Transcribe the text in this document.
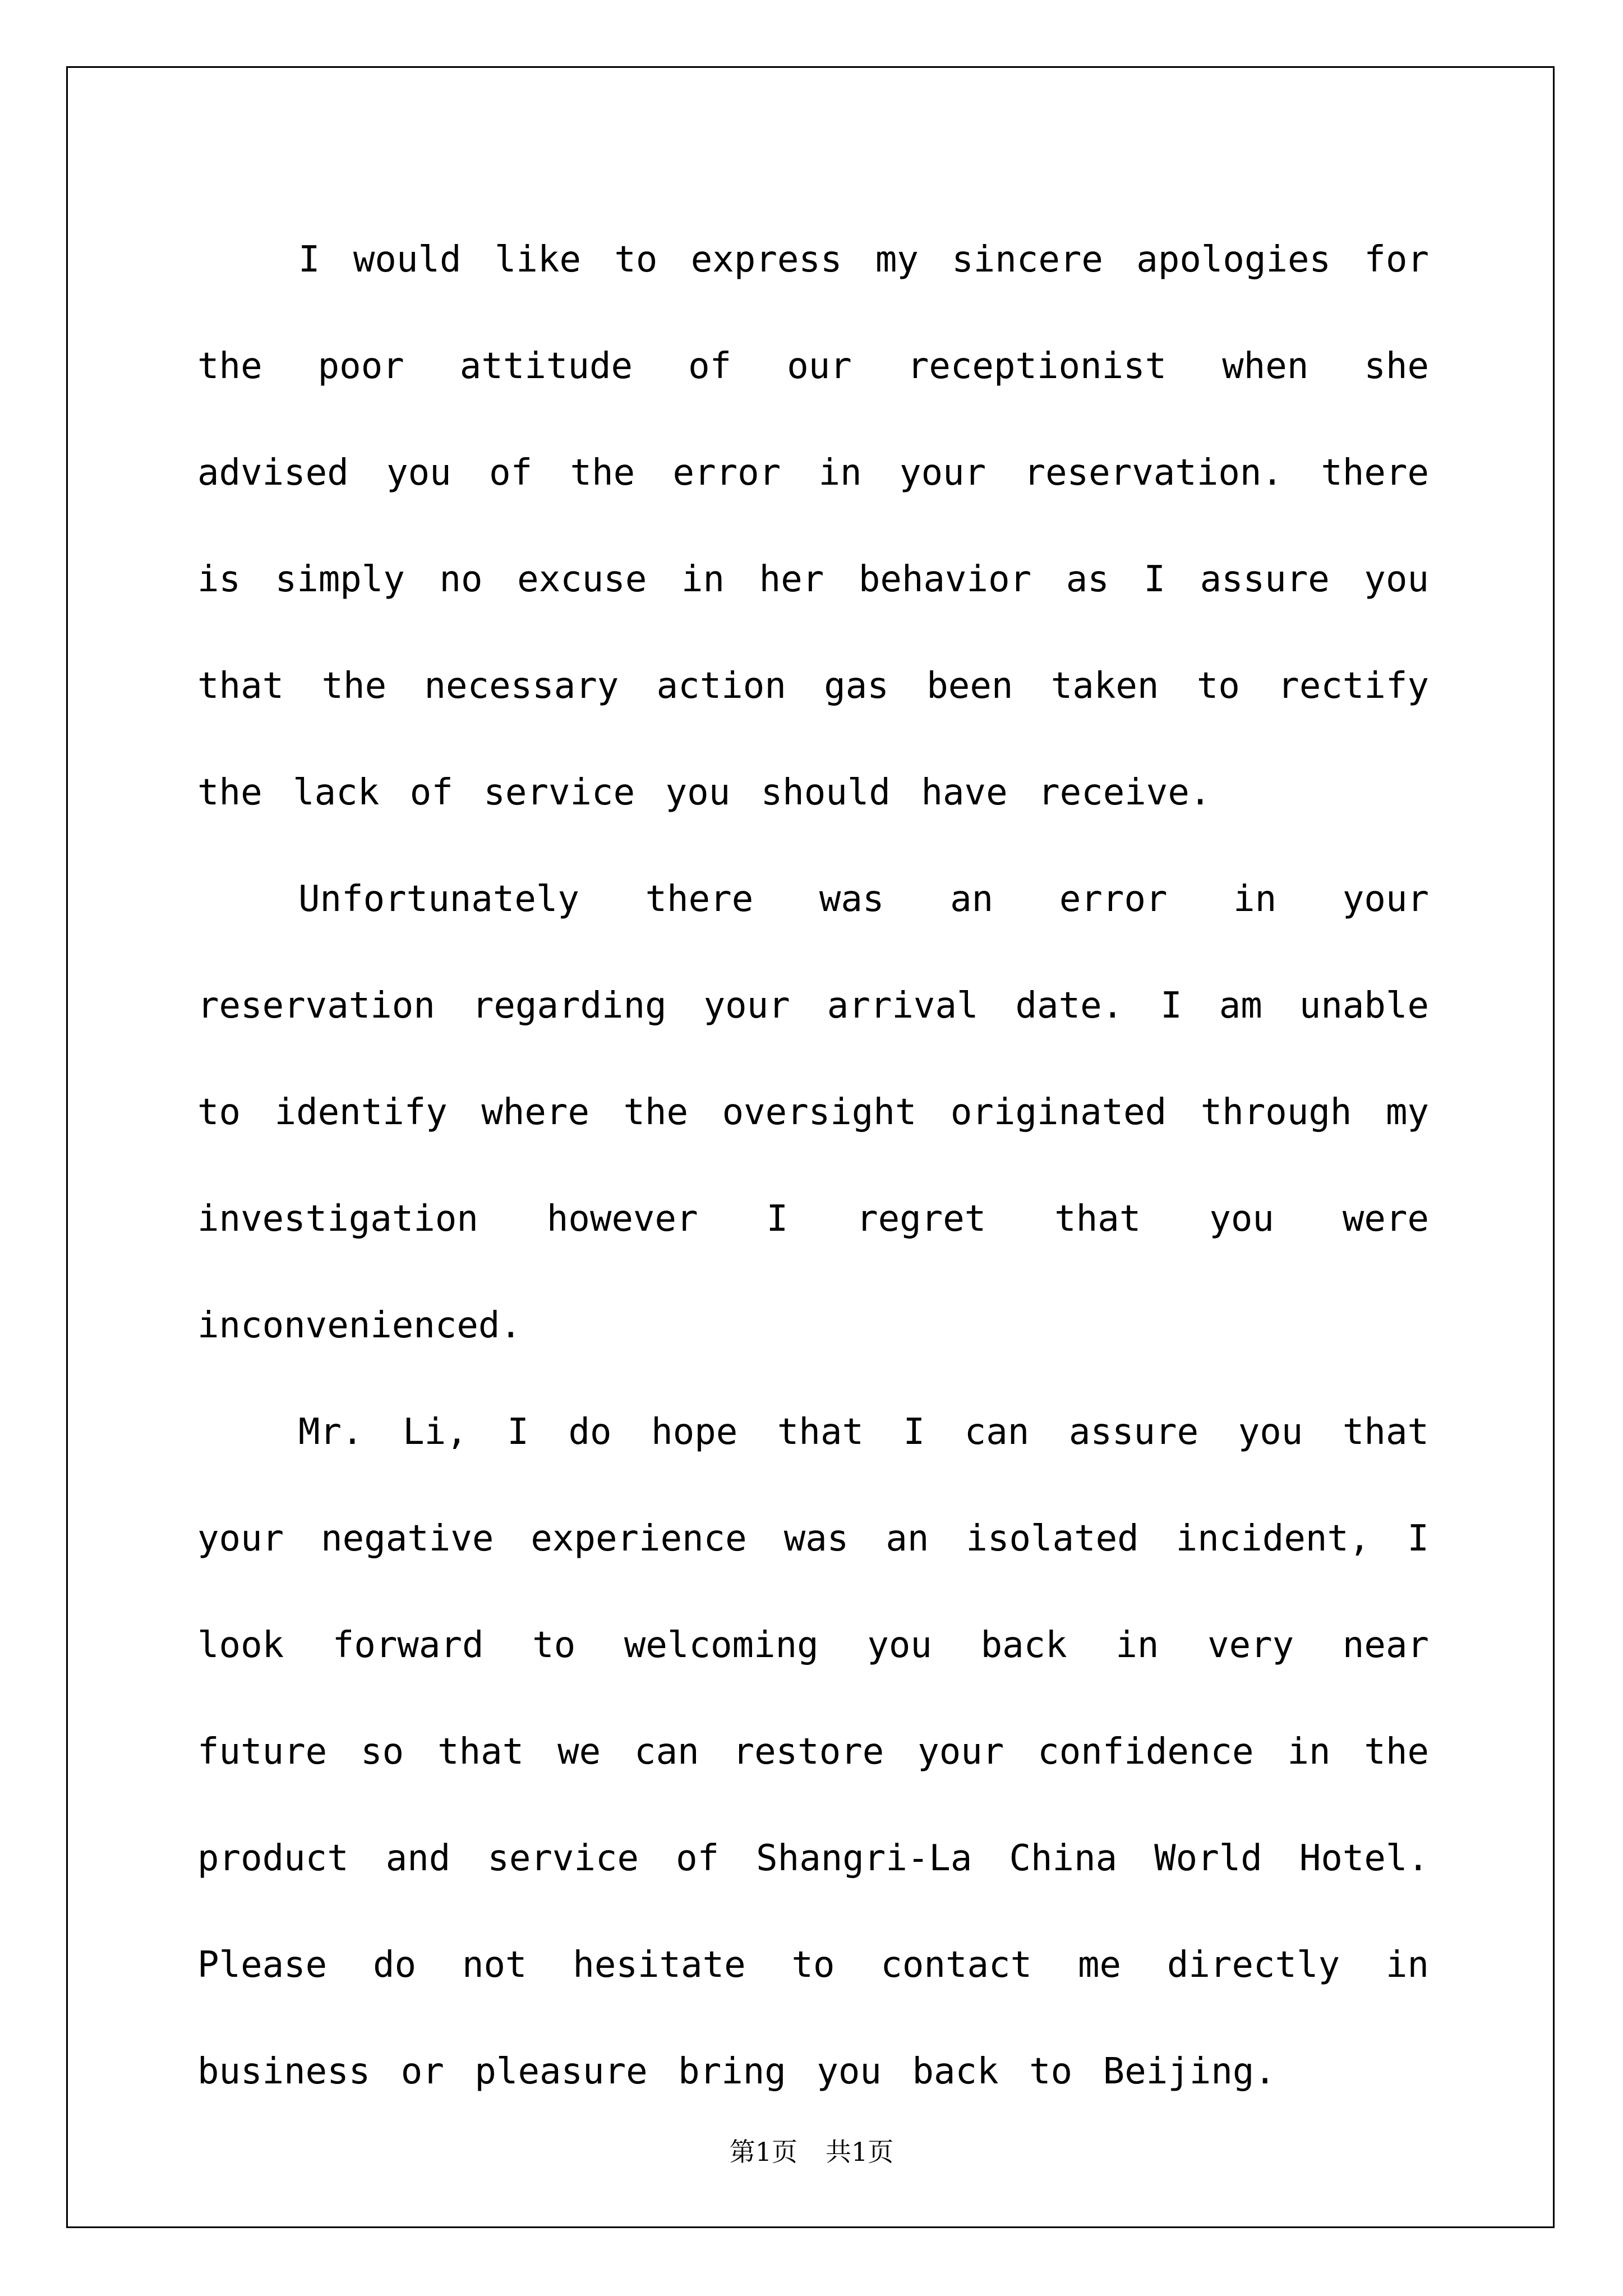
I would like to express my sincere apologies for the poor attitude of our receptionist when she advised you of the error in your reservation. there is simply no excuse in her behavior as I assure you that the necessary action gas been taken to rectify the lack of service you should have receive.

Unfortunately there was an error in your reservation regarding your arrival date. I am unable to identify where the oversight originated through my investigation however I regret that you were inconvenienced.

Mr. Li, I do hope that I can assure you that your negative experience was an isolated incident, I look forward to welcoming you back in very near future so that we can restore your confidence in the product and service of Shangri-La China World Hotel. Please do not hesitate to contact me directly in business or pleasure bring you back to Beijing.

第1页 共1页
